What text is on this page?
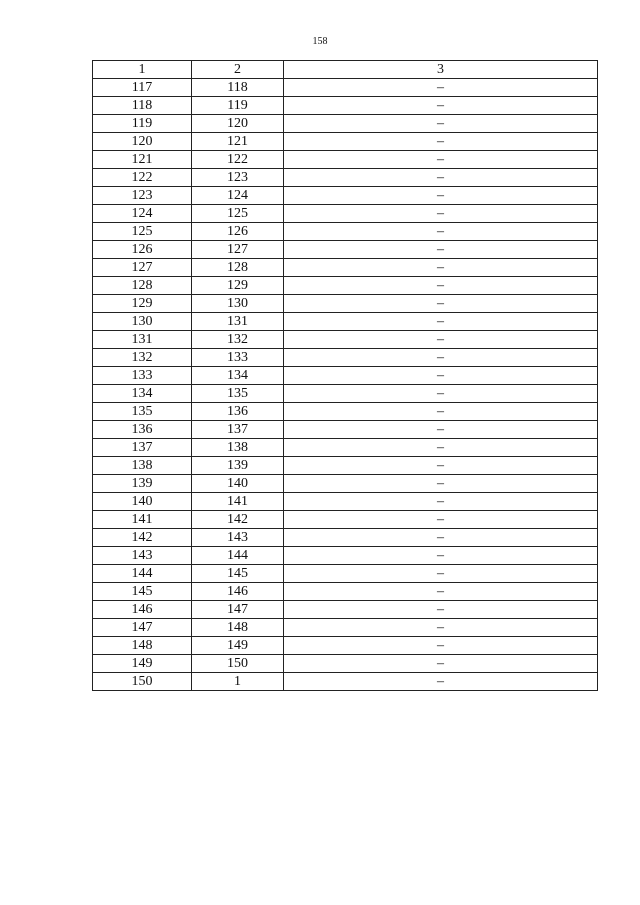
158
1	2	3
117	118	–
118	119	–
119	120	–
120	121	–
121	122	–
122	123	–
123	124	–
124	125	–
125	126	–
126	127	–
127	128	–
128	129	–
129	130	–
130	131	–
131	132	–
132	133	–
133	134	–
134	135	–
135	136	–
136	137	–
137	138	–
138	139	–
139	140	–
140	141	–
141	142	–
142	143	–
143	144	–
144	145	–
145	146	–
146	147	–
147	148	–
148	149	–
149	150	–
150	1	–
